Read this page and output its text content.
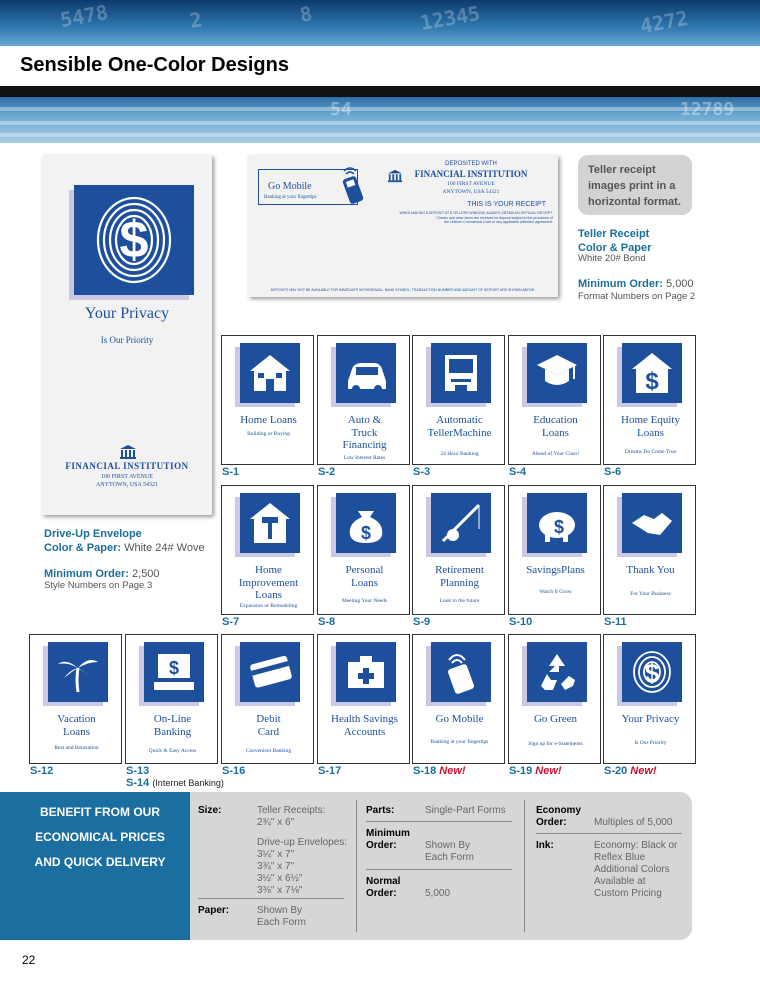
5478	2	8	12345	4272
Sensible One-Color Designs
54	12789
$
Your Privacy
Is Our Priority
FINANCIAL INSTITUTION
100 FIRST AVENUE
ANYTOWN, USA 54321
Go Mobile
Banking at your fingertips
DEPOSITED WITH
FINANCIAL INSTITUTION
100 FIRST AVENUE
ANYTOWN, USA 54321
THIS IS YOUR RECEIPT
WHEN MAKING A DEPOSIT AT A TELLERS WINDOW, ALWAYS OBTAIN AN OFFICIAL RECEIPT.
Checks and other items are received for deposit subject to the provisions of
the Uniform Commercial Code or any applicable collection agreement.
DEPOSITS MAY NOT BE AVAILABLE FOR IMMEDIATE WITHDRAWAL. BANK SYMBOL, TRANSACTION NUMBER AND AMOUNT OF DEPOSIT ARE SHOWN ABOVE.
Teller receipt
images print in a
horizontal format.
Teller Receipt
Color & Paper
White 20# Bond
Minimum Order: 5,000
Format Numbers on Page 2
Drive-Up Envelope
Color & Paper: White 24# Wove
Minimum Order: 2,500
Style Numbers on Page 3
Home Loans
Building or Buying
S-1
Auto &
Truck
Financing
Low Interest Rates
S-2
Automatic
TellerMachine
24 Hour Banking
S-3
Education
Loans
Ahead of Your Class!
S-4
$
Home Equity
Loans
Dreams Do Come True
S-6
Home
Improvement
Loans
Expansion or Remodeling
S-7
$
Personal
Loans
Meeting Your Needs
S-8
Retirement
Planning
Look to the future
S-9
$
SavingsPlans
Watch It Grow
S-10
Thank You
For Your Business
S-11
Vacation
Loans
Rest and Relaxation
S-12
$
On-Line
Banking
Quick & Easy Access
S-13
Debit
Card
Convenient Banking
S-16
Health Savings
Accounts
S-17
Go Mobile
Banking at your fingertips
S-18 New!
Go Green
Sign up for e-Statements
S-19 New!
$
Your Privacy
Is Our Priority
S-20 New!
S-14 (Internet Banking)
BENEFIT FROM OUR
ECONOMICAL PRICES
AND QUICK DELIVERY
Size:	Teller Receipts:
2¾" x 6"
Drive-up Envelopes:
3¼" x 7"
3¾" x 7"
3½" x 6½"
3⅜" x 7⅛"
Paper:	Shown By
Each Form
Parts:	Single-Part Forms
Minimum
Order:	Shown By
Each Form
Normal
Order:	5,000
Economy
Order:	Multiples of 5,000
Ink:	Economy: Black or
Reflex Blue
Additional Colors
Available at
Custom Pricing
22
